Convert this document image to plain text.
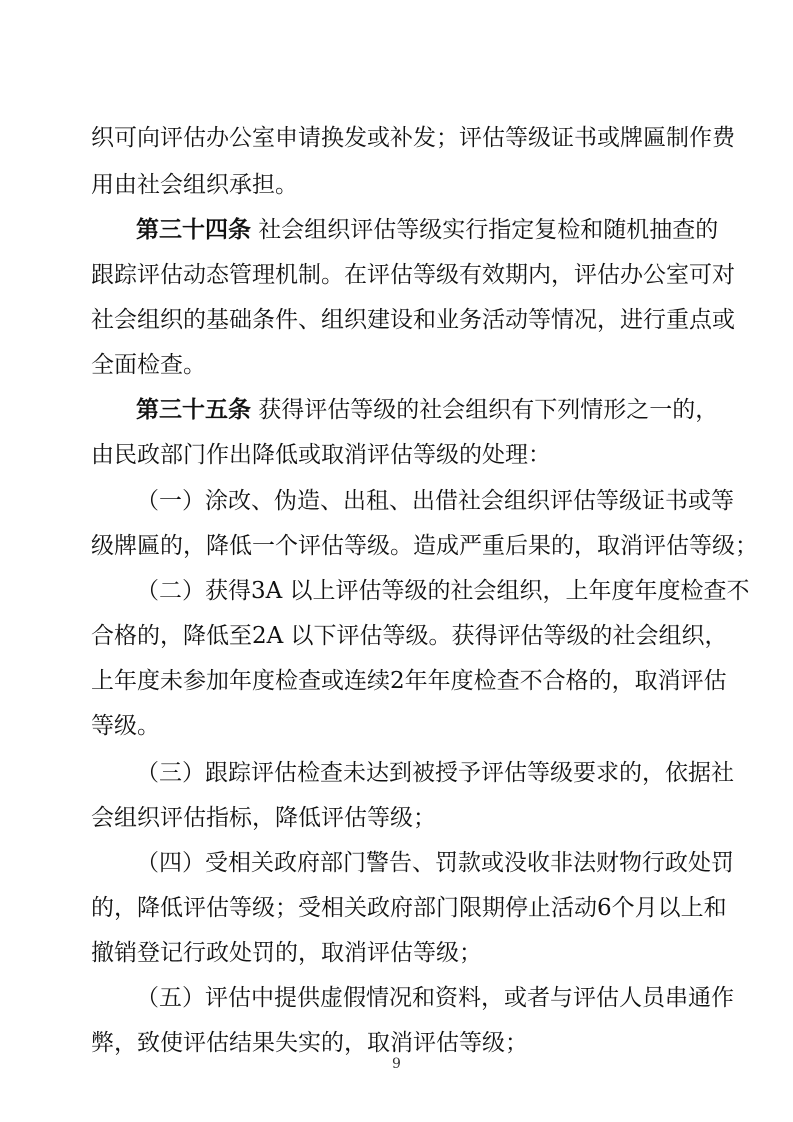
织可向评估办公室申请换发或补发；评估等级证书或牌匾制作费
用由社会组织承担。
第三十四条 社会组织评估等级实行指定复检和随机抽查的
跟踪评估动态管理机制。在评估等级有效期内，评估办公室可对
社会组织的基础条件、组织建设和业务活动等情况，进行重点或
全面检查。
第三十五条 获得评估等级的社会组织有下列情形之一的，
由民政部门作出降低或取消评估等级的处理：
（一）涂改、伪造、出租、出借社会组织评估等级证书或等
级牌匾的，降低一个评估等级。造成严重后果的，取消评估等级；
（二）获得3A 以上评估等级的社会组织，上年度年度检查不
合格的，降低至2A 以下评估等级。获得评估等级的社会组织，
上年度未参加年度检查或连续2年年度检查不合格的，取消评估
等级。
（三）跟踪评估检查未达到被授予评估等级要求的，依据社
会组织评估指标，降低评估等级；
（四）受相关政府部门警告、罚款或没收非法财物行政处罚
的，降低评估等级；受相关政府部门限期停止活动6个月以上和
撤销登记行政处罚的，取消评估等级；
（五）评估中提供虚假情况和资料，或者与评估人员串通作
弊，致使评估结果失实的，取消评估等级；
9
